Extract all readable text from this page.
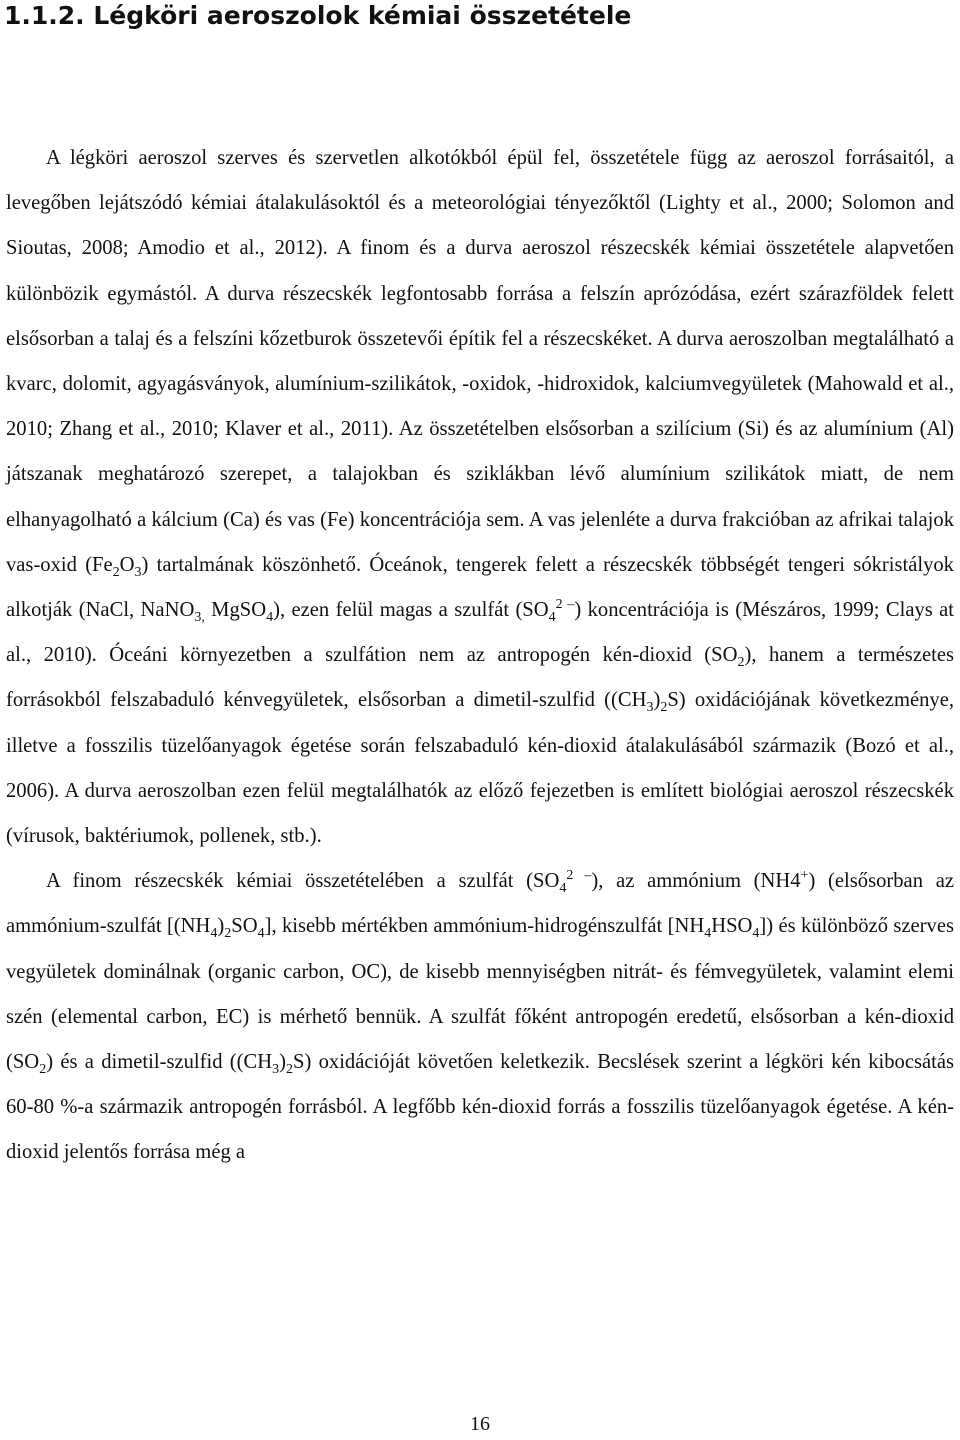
1.1.2. Légköri aeroszolok kémiai összetétele

A légköri aeroszol szerves és szervetlen alkotókból épül fel, összetétele függ az aeroszol forrásaitól, a levegőben lejátszódó kémiai átalakulásoktól és a meteorológiai tényezőktől (Lighty et al., 2000; Solomon and Sioutas, 2008; Amodio et al., 2012). A finom és a durva aeroszol részecskék kémiai összetétele alapvetően különbözik egymástól. A durva részecskék legfontosabb forrása a felszín aprózódása, ezért szárazföldek felett elsősorban a talaj és a felszíni kőzetburok összetevői építik fel a részecskéket. A durva aeroszolban megtalálható a kvarc, dolomit, agyagásványok, alumínium-szilikátok, -oxidok, -hidroxidok, kalciumvegyületek (Mahowald et al., 2010; Zhang et al., 2010; Klaver et al., 2011). Az összetételben elsősorban a szilícium (Si) és az alumínium (Al) játszanak meghatározó szerepet, a talajokban és sziklákban lévő alumínium szilikátok miatt, de nem elhanyagolható a kálcium (Ca) és vas (Fe) koncentrációja sem. A vas jelenléte a durva frakcióban az afrikai talajok vas-oxid $(Fe_2O_3)$ tartalmának köszönhető. Óceánok, tengerek felett a részecskék többségét tengeri sókristályok alkotják (NaCl, NaNO$_{3,}$ MgSO$_4$), ezen felül magas a szulfát $(SO_4^{2 -})$ koncentrációja is (Mészáros, 1999; Clays at al., 2010). Óceáni környezetben a szulfátion nem az antropogén kén-dioxid $(SO_2)$, hanem a természetes forrásokból felszabaduló kénvegyületek, elsősorban a dimetil-szulfid $((CH_3)_2S)$ oxidációjának következménye, illetve a fosszilis tüzelőanyagok égetése során felszabaduló kén-dioxid átalakulásából származik (Bozó et al., 2006). A durva aeroszolban ezen felül megtalálhatók az előző fejezetben is említett biológiai aeroszol részecskék (vírusok, baktériumok, pollenek, stb.).

A finom részecskék kémiai összetételében a szulfát $(SO_4^{2 -})$, az ammónium (NH4+) (elsősorban az ammónium-szulfát $[(NH_4)_2SO_4]$, kisebb mértékben ammónium-hidrogénszulfát $[NH_4HSO_4]$) és különböző szerves vegyületek dominálnak (organic carbon, OC), de kisebb mennyiségben nitrát- és fémvegyületek, valamint elemi szén (elemental carbon, EC) is mérhető bennük. A szulfát főként antropogén eredetű, elsősorban a kén-dioxid $(SO_2)$ és a dimetil-szulfid $((CH_3)_2S)$ oxidációját követően keletkezik. Becslések szerint a légköri kén kibocsátás 60-80 %-a származik antropogén forrásból. A legfőbb kén-dioxid forrás a fosszilis tüzelőanyagok égetése. A kén-dioxid jelentős forrása még a

16
